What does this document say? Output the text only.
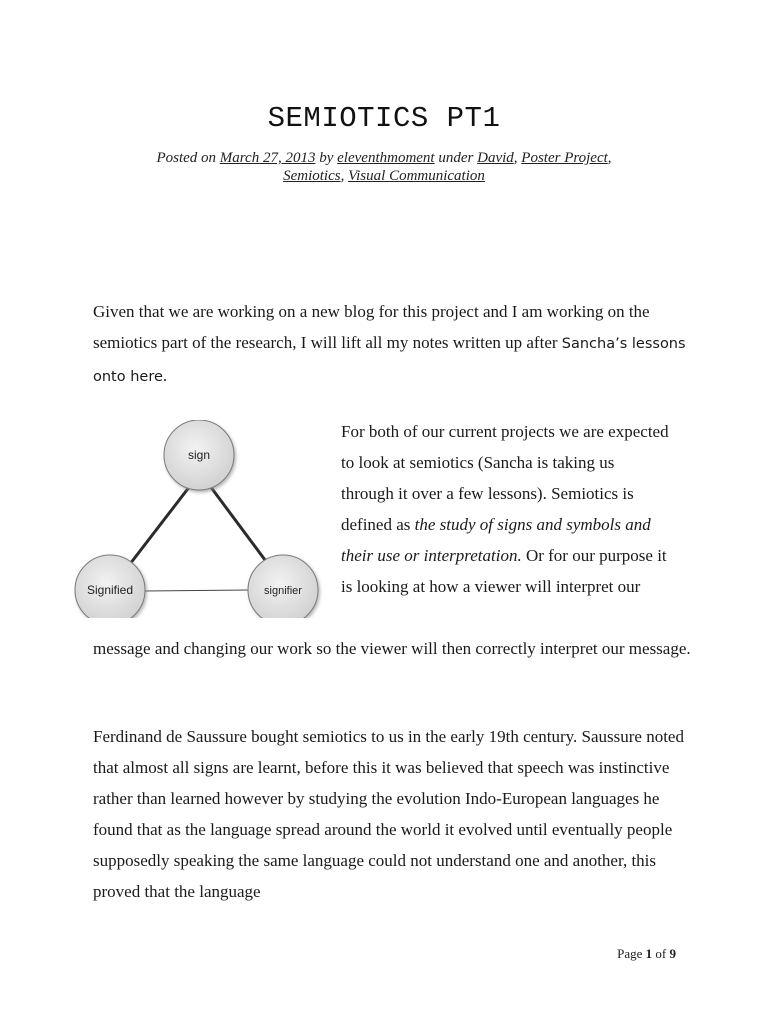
SEMIOTICS PT1
Posted on March 27, 2013 by eleventhmoment under David, Poster Project, Semiotics, Visual Communication

Given that we are working on a new blog for this project and I am working on the semiotics part of the research, I will lift all my notes written up after Sancha’s lessons onto here.

sign
Signified	signifier

For both of our current projects we are expected to look at semiotics (Sancha is taking us through it over a few lessons). Semiotics is defined as the study of signs and symbols and their use or interpretation. Or for our purpose it is looking at how a viewer will interpret our

message and changing our work so the viewer will then correctly interpret our message.

Ferdinand de Saussure bought semiotics to us in the early 19th century. Saussure noted that almost all signs are learnt, before this it was believed that speech was instinctive rather than learned however by studying the evolution Indo-European languages he found that as the language spread around the world it evolved until eventually people supposedly speaking the same language could not understand one and another, this proved that the language

Page 1 of 9
